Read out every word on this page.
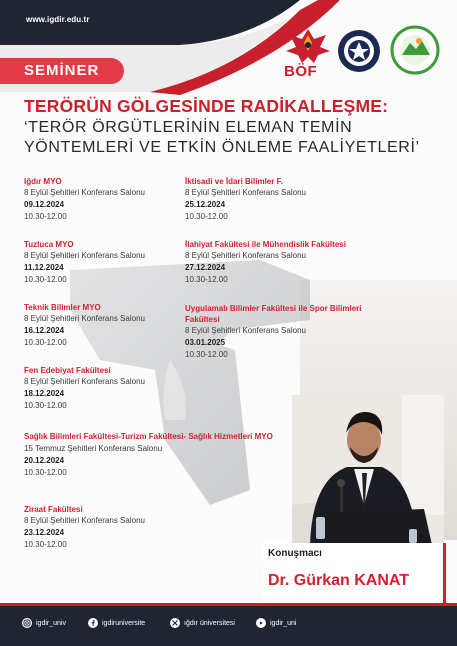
www.igdir.edu.tr
SEMİNER	BÖF
TERÖRÜN GÖLGESİNDE RADİKALLEŞME:
‘TERÖR ÖRGÜTLERİNİN ELEMAN TEMİN
YÖNTEMLERİ VE ETKİN ÖNLEME FAALİYETLERİ’
Iğdır MYO
8 Eylül Şehitleri Konferans Salonu
09.12.2024
10.30-12.00
Tuzluca MYO
8 Eylül Şehitleri Konferans Salonu
11.12.2024
10.30-12.00
Teknik Bilimler MYO
8 Eylül Şehitleri Konferans Salonu
16.12.2024
10.30-12.00
Fen Edebiyat Fakültesi
8 Eylül Şehitleri Konferans Salonu
18.12.2024
10.30-12.00
Sağlık Bilimleri Fakültesi-Turizm Fakültesi- Sağlık Hizmetleri MYO
15 Temmuz Şehitleri Konferans Salonu
20.12.2024
10.30-12.00
Ziraat Fakültesi
8 Eylül Şehitleri Konferans Salonu
23.12.2024
10.30-12.00
İktisadi ve İdari Bilimler F.
8 Eylül Şehitleri Konferans Salonu
25.12.2024
10.30-12.00
İlahiyat Fakültesi ile Mühendislik Fakültesi
8 Eylül Şehitleri Konferans Salonu
27.12.2024
10.30-12.00
Uygulamalı Bilimler Fakültesi ile Spor Bilimleri Fakültesi
8 Eylül Şehitleri Konferans Salonu
03.01.2025
10.30-12.00
Konuşmacı
Dr. Gürkan KANAT
igdir_univ	igdiruniversite	ığdır üniversitesi	igdir_uni
